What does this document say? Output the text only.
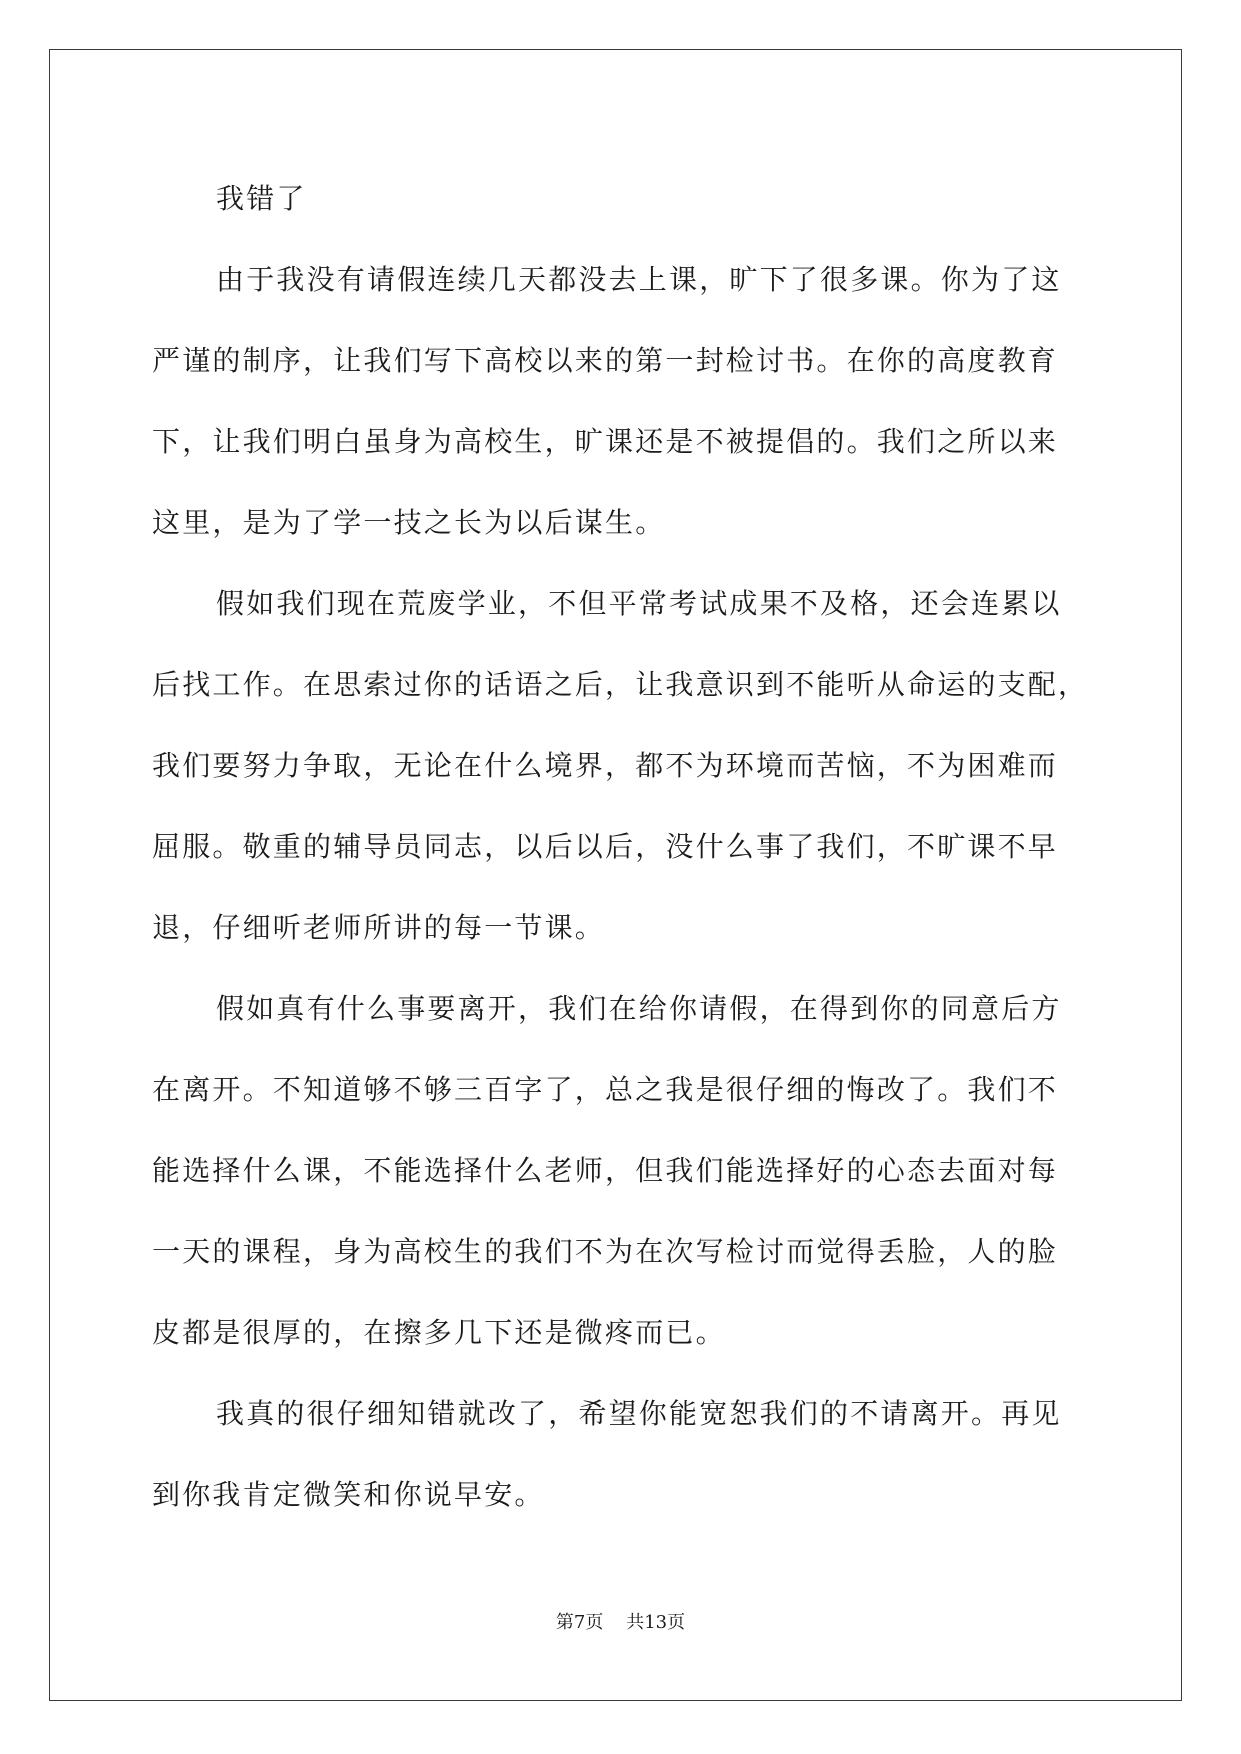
我错了
由于我没有请假连续几天都没去上课，旷下了很多课。你为了这
严谨的制序，让我们写下高校以来的第一封检讨书。在你的高度教育
下，让我们明白虽身为高校生，旷课还是不被提倡的。我们之所以来
这里，是为了学一技之长为以后谋生。
假如我们现在荒废学业，不但平常考试成果不及格，还会连累以
后找工作。在思索过你的话语之后，让我意识到不能听从命运的支配，
我们要努力争取，无论在什么境界，都不为环境而苦恼，不为困难而
屈服。敬重的辅导员同志，以后以后，没什么事了我们，不旷课不早
退，仔细听老师所讲的每一节课。
假如真有什么事要离开，我们在给你请假，在得到你的同意后方
在离开。不知道够不够三百字了，总之我是很仔细的悔改了。我们不
能选择什么课，不能选择什么老师，但我们能选择好的心态去面对每
一天的课程，身为高校生的我们不为在次写检讨而觉得丢脸，人的脸
皮都是很厚的，在擦多几下还是微疼而已。
我真的很仔细知错就改了，希望你能宽恕我们的不请离开。再见
到你我肯定微笑和你说早安。
第7页 共13页
